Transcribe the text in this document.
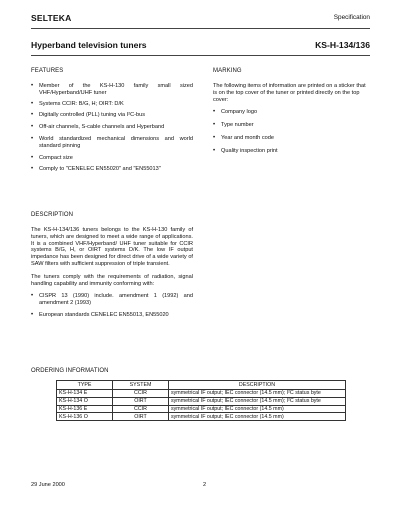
SELTEKA	Specification
Hyperband television tuners	KS-H-134/136
FEATURES
• Member of the KS-H-130 family small sized VHF/Hyperband/UHF tuner
• Systems CCIR: B/G, H; OIRT: D/K
• Digitally controlled (PLL) tuning via I²C-bus
• Off-air channels, S-cable channels and Hyperband
• World standardized mechanical dimensions and world standard pinning
• Compact size
• Comply to "CENELEC EN55020" and "EN55013"
DESCRIPTION
The KS-H-134/136 tuners belongs to the KS-H-130 family of tuners, which are designed to meet a wide range of applications. It is a combined VHF/Hyperband/ UHF tuner suitable for CCIR systems B/G, H, or OIRT systems D/K. The low IF output impedance has been designed for direct drive of a wide variety of SAW filters with sufficient suppression of triple transient.
The tuners comply with the requirements of radiation, signal handling capability and immunity conforming with:
• CISPR 13 (1990) include. amendment 1 (1992) and amendment 2 (1993)
• European standards CENELEC EN55013, EN55020
MARKING
The following items of information are printed on a sticker that is on the top cover of the tuner or printed directly on the top cover:
• Company logo
• Type number
• Year and month code
• Quality inspection print
ORDERING INFORMATION
TYPE	SYSTEM	DESCRIPTION
KS-H-134 E	CCIR	symmetrical IF output; IEC connector (14.5 mm); I²C status byte
KS-H-134 O	OIRT	symmetrical IF output; IEC connector (14.5 mm); I²C status byte
KS-H-136 E	CCIR	symmetrical IF output; IEC connector (14.5 mm)
KS-H-136 O	OIRT	symmetrical IF output; IEC connector (14.5 mm)
29 June 2000	2
